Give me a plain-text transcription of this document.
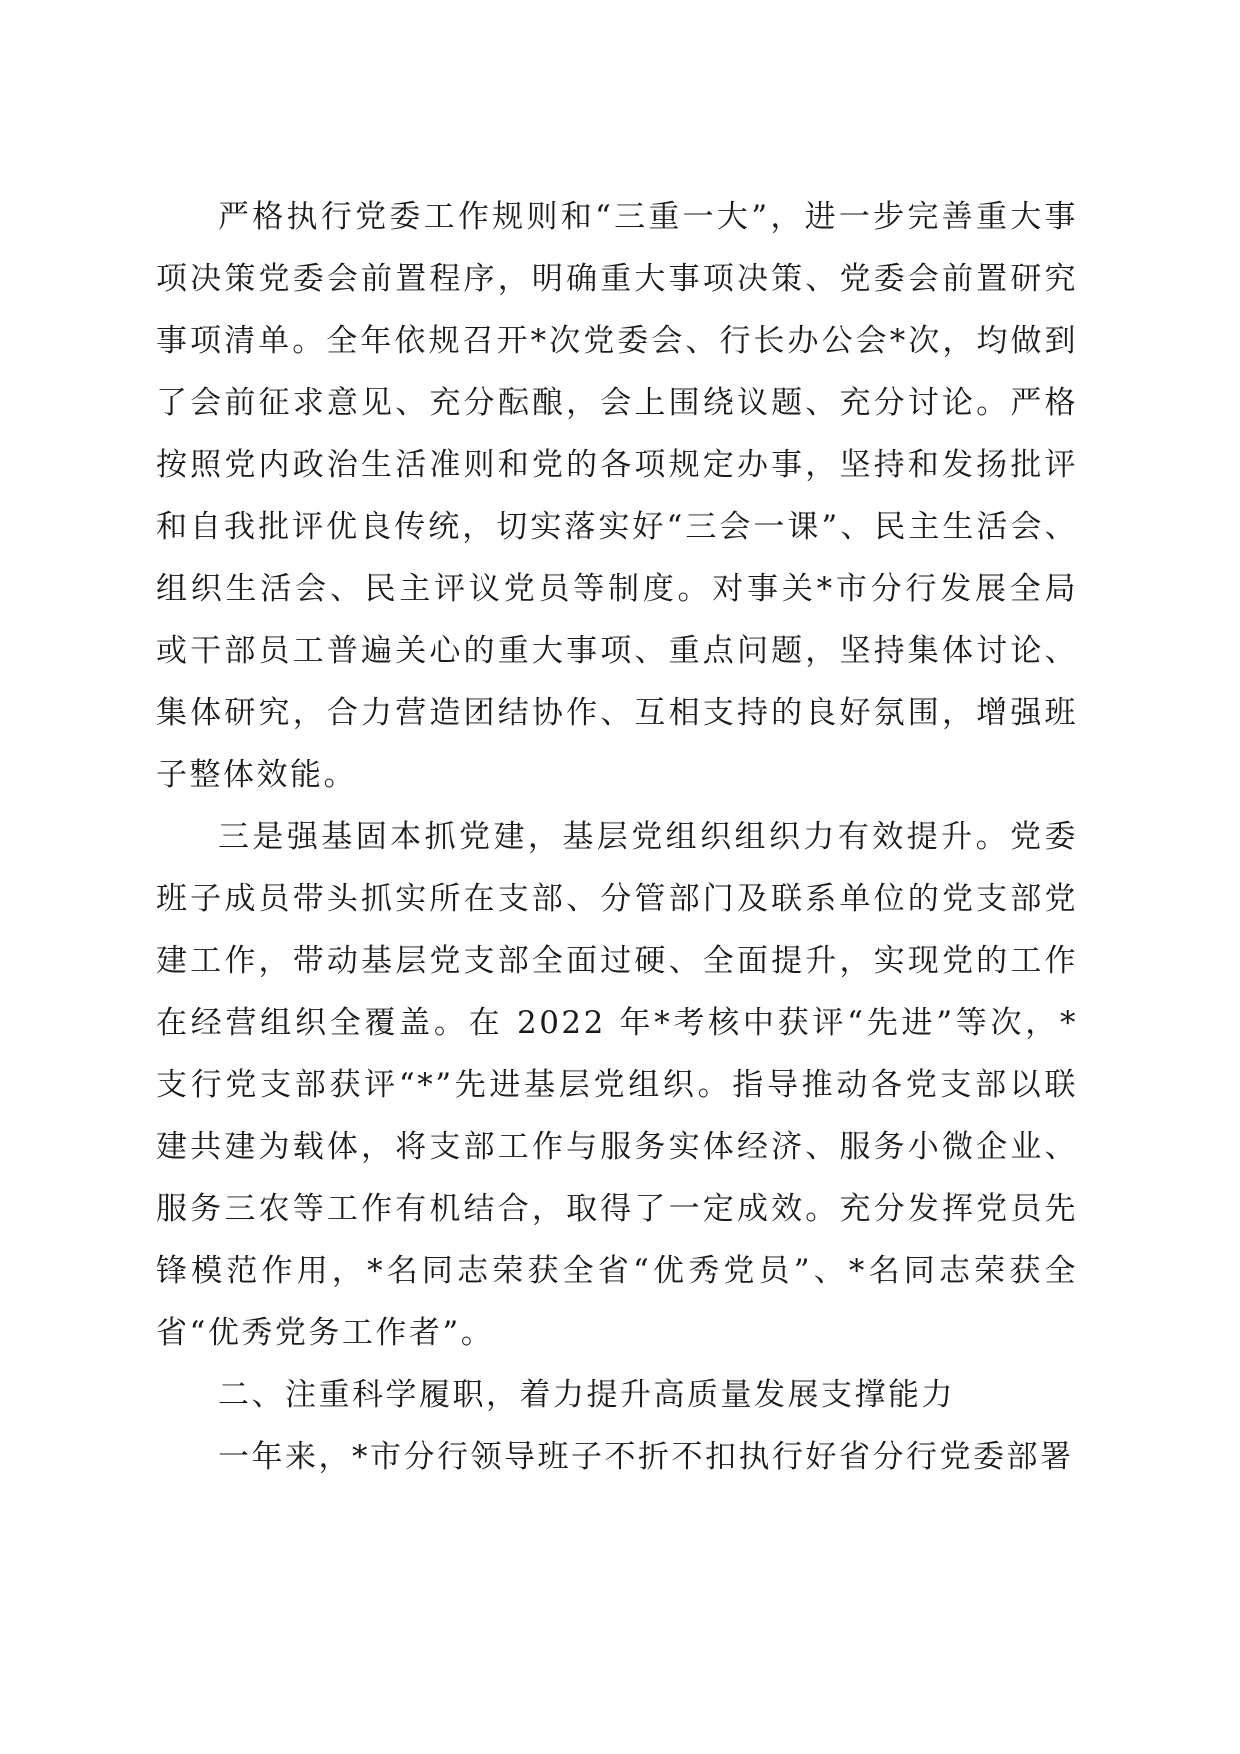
严格执行党委工作规则和“三重一大”，进一步完善重大事项决策党委会前置程序，明确重大事项决策、党委会前置研究事项清单。全年依规召开*次党委会、行长办公会*次，均做到了会前征求意见、充分酝酿，会上围绕议题、充分讨论。严格按照党内政治生活准则和党的各项规定办事，坚持和发扬批评和自我批评优良传统，切实落实好“三会一课”、民主生活会、组织生活会、民主评议党员等制度。对事关*市分行发展全局或干部员工普遍关心的重大事项、重点问题，坚持集体讨论、集体研究，合力营造团结协作、互相支持的良好氛围，增强班子整体效能。

三是强基固本抓党建，基层党组织组织力有效提升。党委班子成员带头抓实所在支部、分管部门及联系单位的党支部党建工作，带动基层党支部全面过硬、全面提升，实现党的工作在经营组织全覆盖。在 2022 年*考核中获评“先进”等次，*支行党支部获评“*”先进基层党组织。指导推动各党支部以联建共建为载体，将支部工作与服务实体经济、服务小微企业、服务三农等工作有机结合，取得了一定成效。充分发挥党员先锋模范作用，*名同志荣获全省“优秀党员”、*名同志荣获全省“优秀党务工作者”。

二、注重科学履职，着力提升高质量发展支撑能力

一年来，*市分行领导班子不折不扣执行好省分行党委部署
